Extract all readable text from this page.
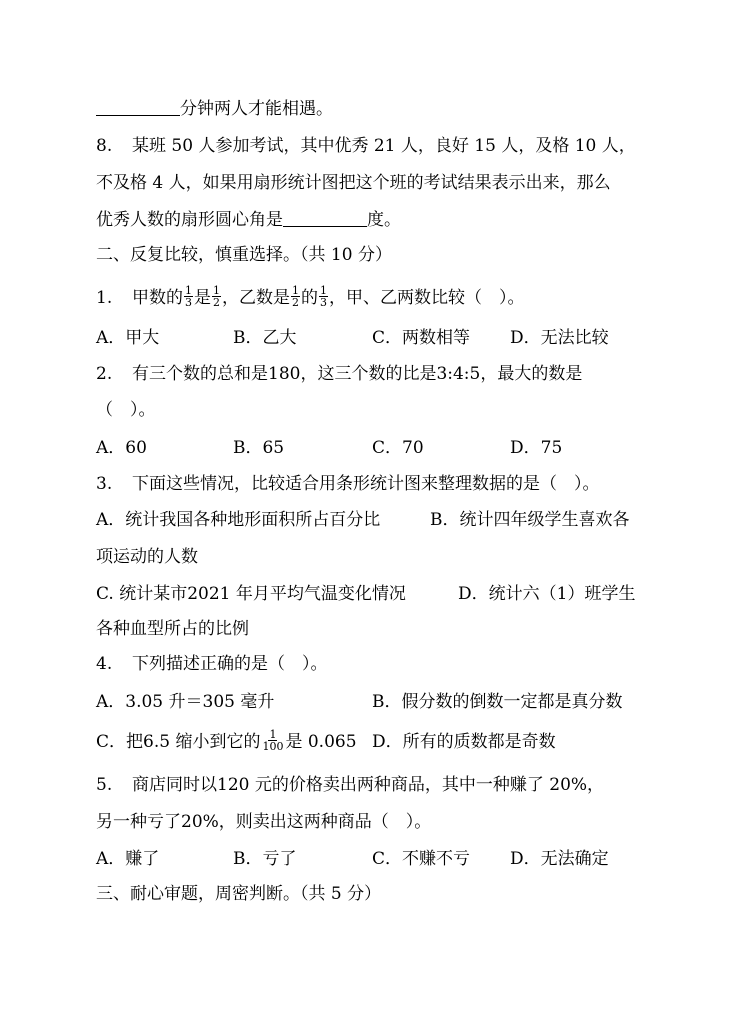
分钟两人才能相遇。
8. 某班 50 人参加考试，其中优秀 21 人，良好 15 人，及格 10 人，
不及格 4 人，如果用扇形统计图把这个班的考试结果表示出来，那么
优秀人数的扇形圆心角是	度。
二、反复比较，慎重选择。（共 10 分）
1. 甲数的 $\frac{1}{3}$ 是 $\frac{1}{2}$ ，乙数是 $\frac{1}{2}$ 的 $\frac{1}{3}$ ，甲、乙两数比较（　）。
A．甲大	B．乙大	C．两数相等 D．无法比较
2. 有三个数的总和是180，这三个数的比是3:4:5，最大的数是
（　）。
A．60	B．65	C．70	D．75
3. 下面这些情况，比较适合用条形统计图来整理数据的是（　）。
A．统计我国各种地形面积所占百分比	B．统计四年级学生喜欢各
项运动的人数
C. 统计某市2021 年月平均气温变化情况	D．统计六（1）班学生
各种血型所占的比例
4. 下列描述正确的是（　）。
A．3.05 升＝305 毫升	B．假分数的倒数一定都是真分数
C．把6.5 缩小到它的 $\frac{1}{100}$ 是 0.065 D．所有的质数都是奇数
5. 商店同时以120 元的价格卖出两种商品，其中一种赚了 20%，
另一种亏了20%，则卖出这两种商品（　）。
A．赚了	B．亏了	C．不赚不亏 D．无法确定
三、耐心审题，周密判断。（共 5 分）
